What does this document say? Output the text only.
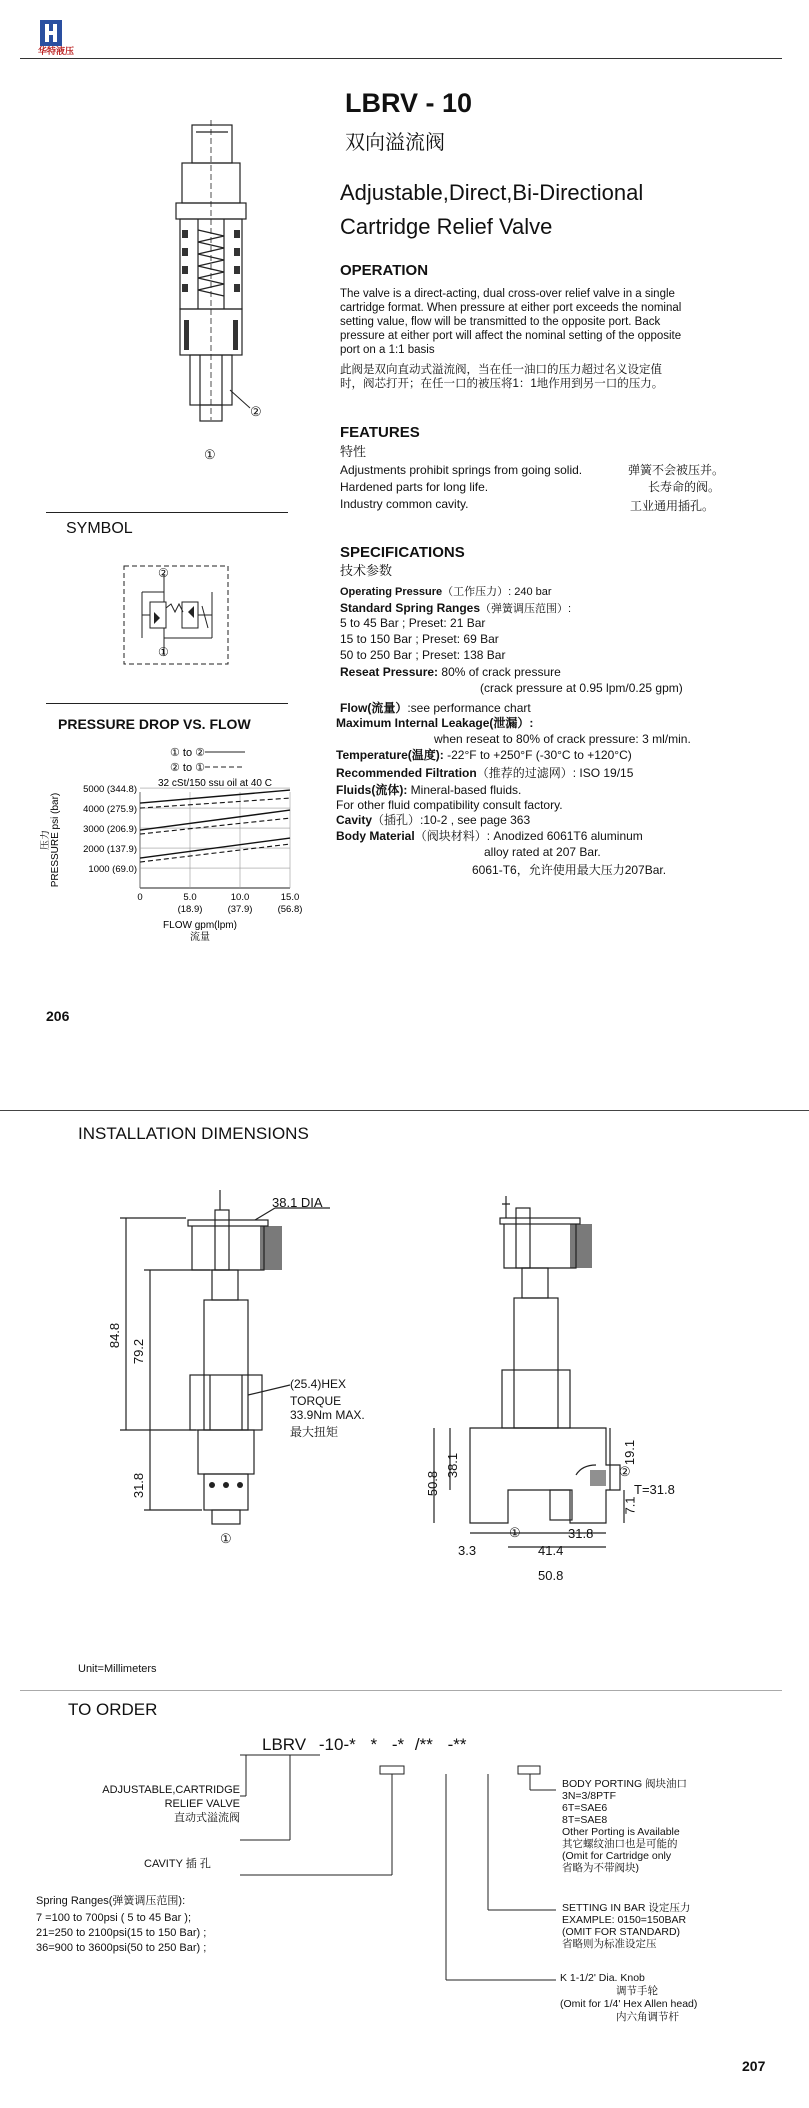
华特液压
②
①
LBRV - 10
双向溢流阀
Adjustable,Direct,Bi-Directional
Cartridge Relief Valve
OPERATION
The valve is a direct-acting, dual cross-over relief valve in a single
cartridge format. When pressure at either port exceeds the nominal
setting value, flow will be transmitted to the opposite port. Back
pressure at either port will affect the nominal setting of the opposite
port on a 1:1 basis
此阀是双向直动式溢流阀，当在任一油口的压力超过名义设定值
时，阀芯打开；在任一口的被压将1：1地作用到另一口的压力。
FEATURES
特性
Adjustments prohibit springs from going solid.	弹簧不会被压并。
Hardened parts for long life.	长寿命的阀。
Industry common cavity.	工业通用插孔。
SYMBOL
②
①
SPECIFICATIONS
技术参数
Operating Pressure（工作压力）: 240 bar
Standard Spring Ranges（弹簧调压范围）:
5 to 45 Bar ; Preset: 21 Bar
15 to 150 Bar ; Preset: 69 Bar
50 to 250 Bar ; Preset: 138 Bar
Reseat Pressure: 80% of crack pressure
(crack pressure at 0.95 lpm/0.25 gpm)
Flow(流量）:see performance chart
Maximum Internal Leakage(泄漏）:
when reseat to 80% of crack pressure: 3 ml/min.
Temperature(温度): -22°F to +250°F (-30°C to +120°C)
Recommended Filtration（推荐的过滤网）: ISO 19/15
Fluids(流体): Mineral-based fluids.
For other fluid compatibility consult factory.
Cavity（插孔）:10-2 , see page 363
Body Material（阀块材料）: Anodized 6061T6 aluminum
alloy rated at 207 Bar.
6061-T6，允许使用最大压力207Bar.
PRESSURE DROP VS. FLOW
① to ②
② to ①
32 cSt/150 ssu oil at 40 C
5000 (344.8)
4000 (275.9)
3000 (206.9)
2000 (137.9)
1000 (69.0)
0	5.0
(18.9)
10.0
(37.9)
15.0
(56.8)
PRESSURE psi (bar)
压力
FLOW gpm(lpm)
流量
206
INSTALLATION DIMENSIONS
38.1 DIA
84.8
79.2
31.8
(25.4)HEX
TORQUE
33.9Nm MAX.
最大扭矩
①
50.8
38.1
19.1
7.1
②
T=31.8
①	31.8
3.3	41.4
50.8
Unit=Millimeters
TO ORDER
LBRV -10-* * -* /** -**
ADJUSTABLE,CARTRIDGE
RELIEF VALVE
直动式溢流阀
CAVITY 插 孔
Spring Ranges(弹簧调压范围):
7 =100 to 700psi ( 5 to 45 Bar );
21=250 to 2100psi(15 to 150 Bar) ;
36=900 to 3600psi(50 to 250 Bar) ;
BODY PORTING 阀块油口
3N=3/8PTF
6T=SAE6
8T=SAE8
Other Porting is Available
其它螺纹油口也是可能的
(Omit for Cartridge only
省略为不带阀块)
SETTING IN BAR 设定压力
EXAMPLE: 0150=150BAR
(OMIT FOR STANDARD)
省略则为标准设定压
K 1-1/2' Dia. Knob
调节手轮
(Omit for 1/4' Hex Allen head)
内六角调节杆
207
